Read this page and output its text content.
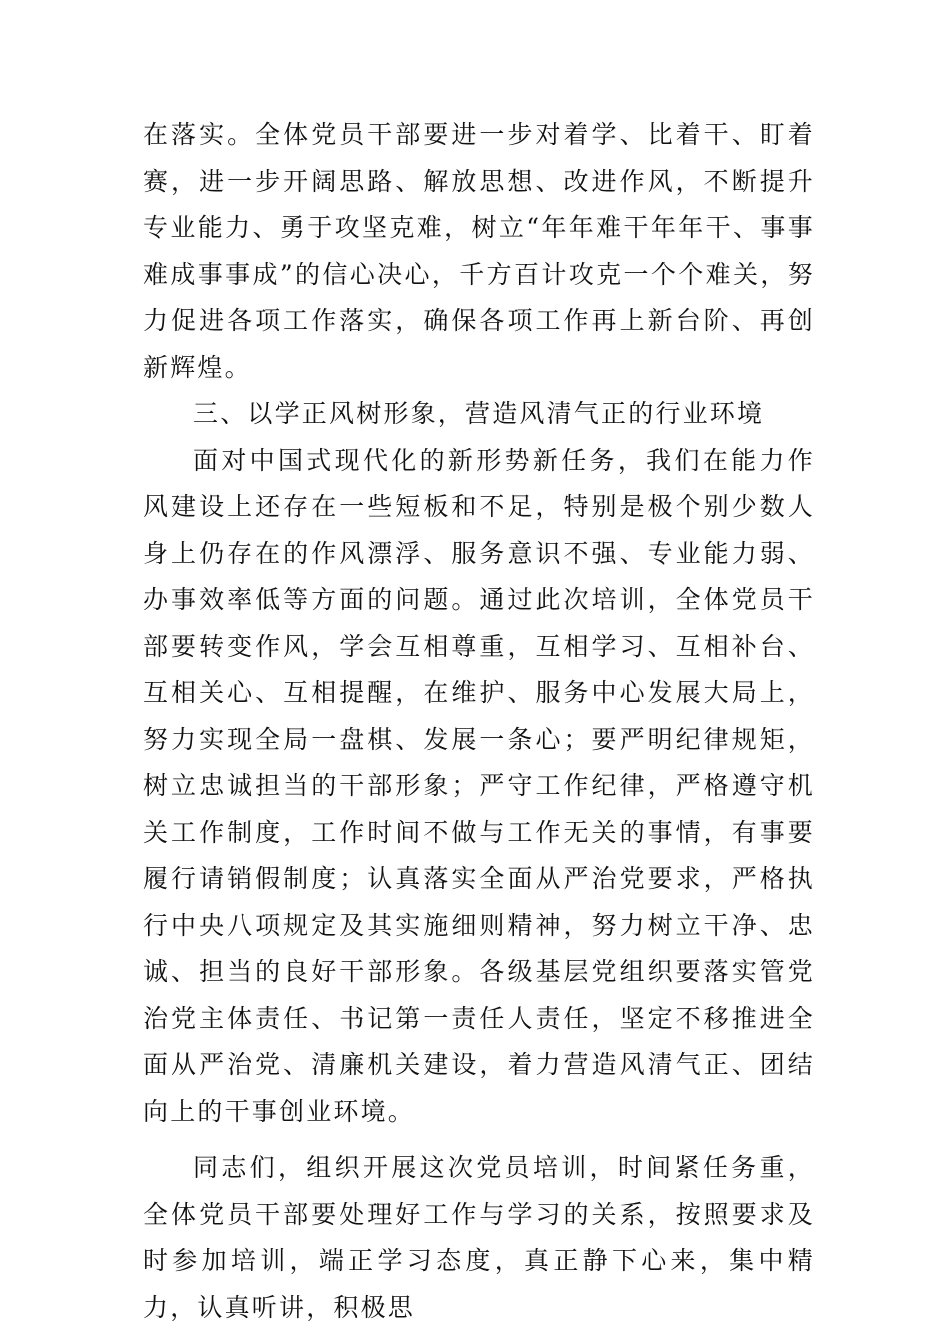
在落实。全体党员干部要进一步对着学、比着干、盯着赛，进一步开阔思路、解放思想、改进作风，不断提升专业能力、勇于攻坚克难，树立“年年难干年年干、事事难成事事成”的信心决心，千方百计攻克一个个难关，努力促进各项工作落实，确保各项工作再上新台阶、再创新辉煌。

三、以学正风树形象，营造风清气正的行业环境

面对中国式现代化的新形势新任务，我们在能力作风建设上还存在一些短板和不足，特别是极个别少数人身上仍存在的作风漂浮、服务意识不强、专业能力弱、办事效率低等方面的问题。通过此次培训，全体党员干部要转变作风，学会互相尊重，互相学习、互相补台、互相关心、互相提醒，在维护、服务中心发展大局上，努力实现全局一盘棋、发展一条心；要严明纪律规矩，树立忠诚担当的干部形象；严守工作纪律，严格遵守机关工作制度，工作时间不做与工作无关的事情，有事要履行请销假制度；认真落实全面从严治党要求，严格执行中央八项规定及其实施细则精神，努力树立干净、忠诚、担当的良好干部形象。各级基层党组织要落实管党治党主体责任、书记第一责任人责任，坚定不移推进全面从严治党、清廉机关建设，着力营造风清气正、团结向上的干事创业环境。

同志们，组织开展这次党员培训，时间紧任务重，全体党员干部要处理好工作与学习的关系，按照要求及时参加培训，端正学习态度，真正静下心来，集中精力，认真听讲，积极思
